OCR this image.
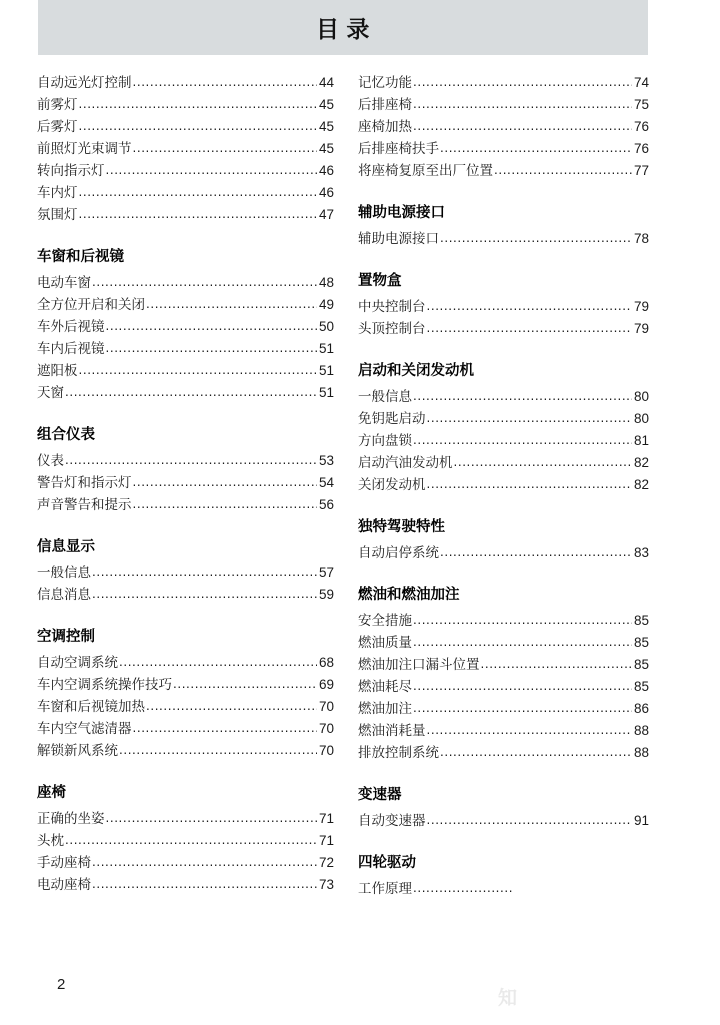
目 录
自动远光灯控制 .....	44
前雾灯 .....	45
后雾灯 .....	45
前照灯光束调节 .....	45
转向指示灯 .....	46
车内灯 .....	46
氛围灯 .....	47
车窗和后视镜
电动车窗 .....	48
全方位开启和关闭 .....	49
车外后视镜 .....	50
车内后视镜 .....	51
遮阳板 .....	51
天窗 .....	51
组合仪表
仪表 .....	53
警告灯和指示灯 .....	54
声音警告和提示 .....	56
信息显示
一般信息 .....	57
信息消息 .....	59
空调控制
自动空调系统 .....	68
车内空调系统操作技巧 .....	69
车窗和后视镜加热 .....	70
车内空气滤清器 .....	70
解锁新风系统 .....	70
座椅
正确的坐姿 .....	71
头枕 .....	71
手动座椅 .....	72
电动座椅 .....	73
记忆功能 .....	74
后排座椅 .....	75
座椅加热 .....	76
后排座椅扶手 .....	76
将座椅复原至出厂位置 .....	77
辅助电源接口
辅助电源接口 .....	78
置物盒
中央控制台 .....	79
头顶控制台 .....	79
启动和关闭发动机
一般信息 .....	80
免钥匙启动 .....	80
方向盘锁 .....	81
启动汽油发动机 .....	82
关闭发动机 .....	82
独特驾驶特性
自动启停系统 .....	83
燃油和燃油加注
安全措施 .....	85
燃油质量 .....	85
燃油加注口漏斗位置 .....	85
燃油耗尽 .....	85
燃油加注 .....	86
燃油消耗量 .....	88
排放控制系统 .....	88
变速器
自动变速器 .....	91
四轮驱动
工作原理
.....
2
知
